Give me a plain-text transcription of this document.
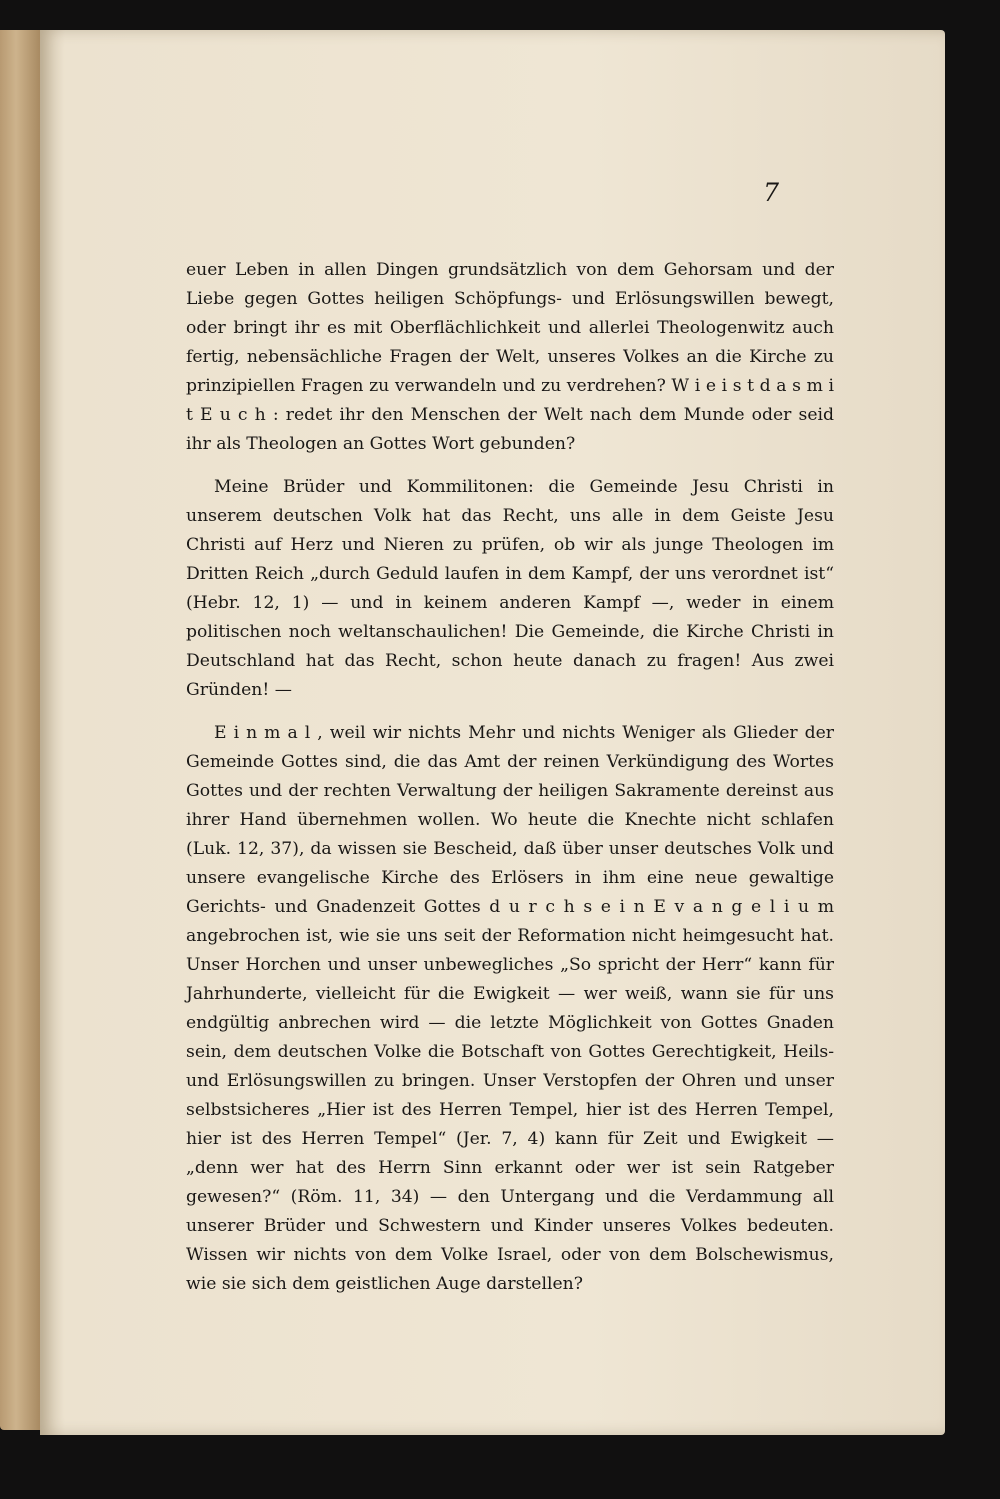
7

euer Leben in allen Dingen grundsätzlich von dem Gehorsam und der Liebe gegen Gottes heiligen Schöpfungs- und Erlösungswillen bewegt, oder bringt ihr es mit Oberflächlichkeit und allerlei Theologenwitz auch fertig, nebensächliche Fragen der Welt, unseres Volkes an die Kirche zu prinzipiellen Fragen zu verwandeln und zu verdrehen? W i e i s t d a s m i t E u c h : redet ihr den Menschen der Welt nach dem Munde oder seid ihr als Theologen an Gottes Wort gebunden?

Meine Brüder und Kommilitonen: die Gemeinde Jesu Christi in unserem deutschen Volk hat das Recht, uns alle in dem Geiste Jesu Christi auf Herz und Nieren zu prüfen, ob wir als junge Theologen im Dritten Reich „durch Geduld laufen in dem Kampf, der uns verordnet ist“ (Hebr. 12, 1) — und in keinem anderen Kampf —, weder in einem politischen noch weltanschaulichen! Die Gemeinde, die Kirche Christi in Deutschland hat das Recht, schon heute danach zu fragen! Aus zwei Gründen! —

E i n m a l , weil wir nichts Mehr und nichts Weniger als Glieder der Gemeinde Gottes sind, die das Amt der reinen Verkündigung des Wortes Gottes und der rechten Verwaltung der heiligen Sakramente dereinst aus ihrer Hand übernehmen wollen. Wo heute die Knechte nicht schlafen (Luk. 12, 37), da wissen sie Bescheid, daß über unser deutsches Volk und unsere evangelische Kirche des Erlösers in ihm eine neue gewaltige Gerichts- und Gnadenzeit Gottes d u r c h s e i n E v a n g e l i u m angebrochen ist, wie sie uns seit der Reformation nicht heimgesucht hat. Unser Horchen und unser unbewegliches „So spricht der Herr“ kann für Jahrhunderte, vielleicht für die Ewigkeit — wer weiß, wann sie für uns endgültig anbrechen wird — die letzte Möglichkeit von Gottes Gnaden sein, dem deutschen Volke die Botschaft von Gottes Gerechtigkeit, Heils- und Erlösungswillen zu bringen. Unser Verstopfen der Ohren und unser selbstsicheres „Hier ist des Herren Tempel, hier ist des Herren Tempel, hier ist des Herren Tempel“ (Jer. 7, 4) kann für Zeit und Ewigkeit — „denn wer hat des Herrn Sinn erkannt oder wer ist sein Ratgeber gewesen?“ (Röm. 11, 34) — den Untergang und die Verdammung all unserer Brüder und Schwestern und Kinder unseres Volkes bedeuten. Wissen wir nichts von dem Volke Israel, oder von dem Bolschewismus, wie sie sich dem geistlichen Auge darstellen?
